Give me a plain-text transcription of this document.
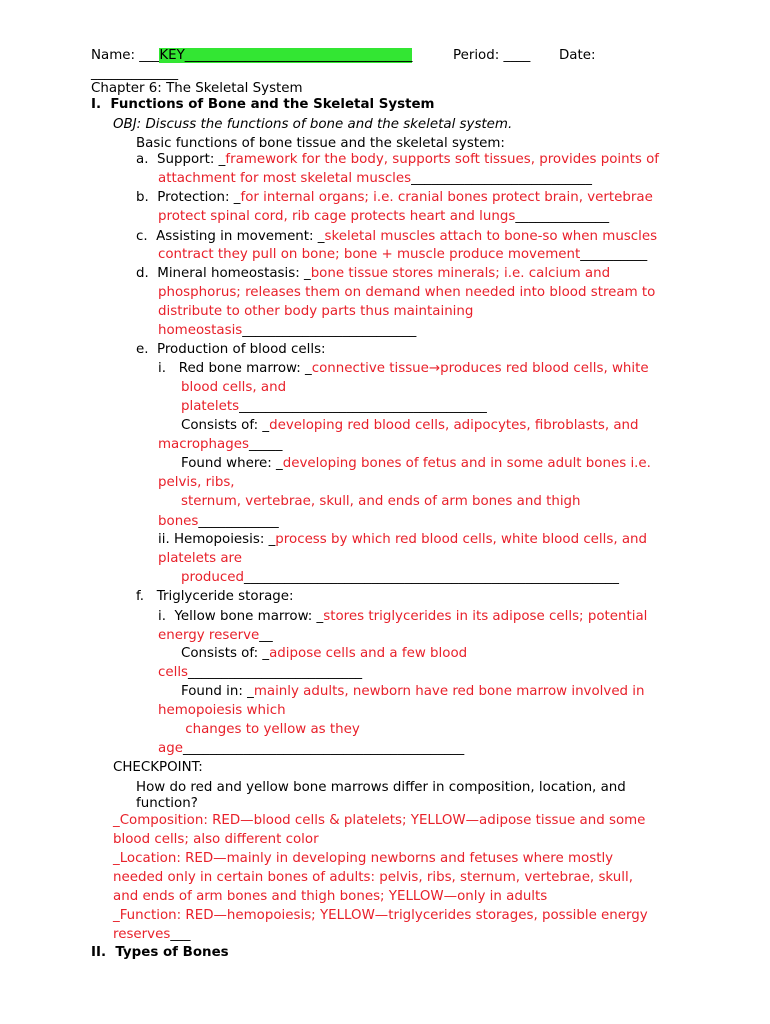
Name: ___KEY__________________________________	Period: ____ Date:
_____________
Chapter 6: The Skeletal System
I.  Functions of Bone and the Skeletal System
OBJ: Discuss the functions of bone and the skeletal system.
Basic functions of bone tissue and the skeletal system:
a.  Support: _framework for the body, supports soft tissues, provides points of
attachment for most skeletal muscles___________________________
b.  Protection: _for internal organs; i.e. cranial bones protect brain, vertebrae
protect spinal cord, rib cage protects heart and lungs______________
c.  Assisting in movement: _skeletal muscles attach to bone-so when muscles
contract they pull on bone; bone + muscle produce movement__________
d.  Mineral homeostasis: _bone tissue stores minerals; i.e. calcium and
phosphorus; releases them on demand when needed into blood stream to
distribute to other body parts thus maintaining
homeostasis__________________________
e.  Production of blood cells:
i.   Red bone marrow: _connective tissue→produces red blood cells, white
blood cells, and
platelets_____________________________________
Consists of: _developing red blood cells, adipocytes, fibroblasts, and
macrophages_____
Found where: _developing bones of fetus and in some adult bones i.e.
pelvis, ribs,
sternum, vertebrae, skull, and ends of arm bones and thigh
bones____________
ii. Hemopoiesis: _process by which red blood cells, white blood cells, and
platelets are
produced________________________________________________________
f.   Triglyceride storage:
i.  Yellow bone marrow: _stores triglycerides in its adipose cells; potential
energy reserve__
Consists of: _adipose cells and a few blood
cells__________________________
Found in: _mainly adults, newborn have red bone marrow involved in
hemopoiesis which
changes to yellow as they
age__________________________________________
CHECKPOINT:
How do red and yellow bone marrows differ in composition, location, and
function?
_Composition: RED—blood cells & platelets; YELLOW—adipose tissue and some
blood cells; also different color
_Location: RED—mainly in developing newborns and fetuses where mostly
needed only in certain bones of adults: pelvis, ribs, sternum, vertebrae, skull,
and ends of arm bones and thigh bones; YELLOW—only in adults
_Function: RED—hemopoiesis; YELLOW—triglycerides storages, possible energy
reserves___
II.  Types of Bones
